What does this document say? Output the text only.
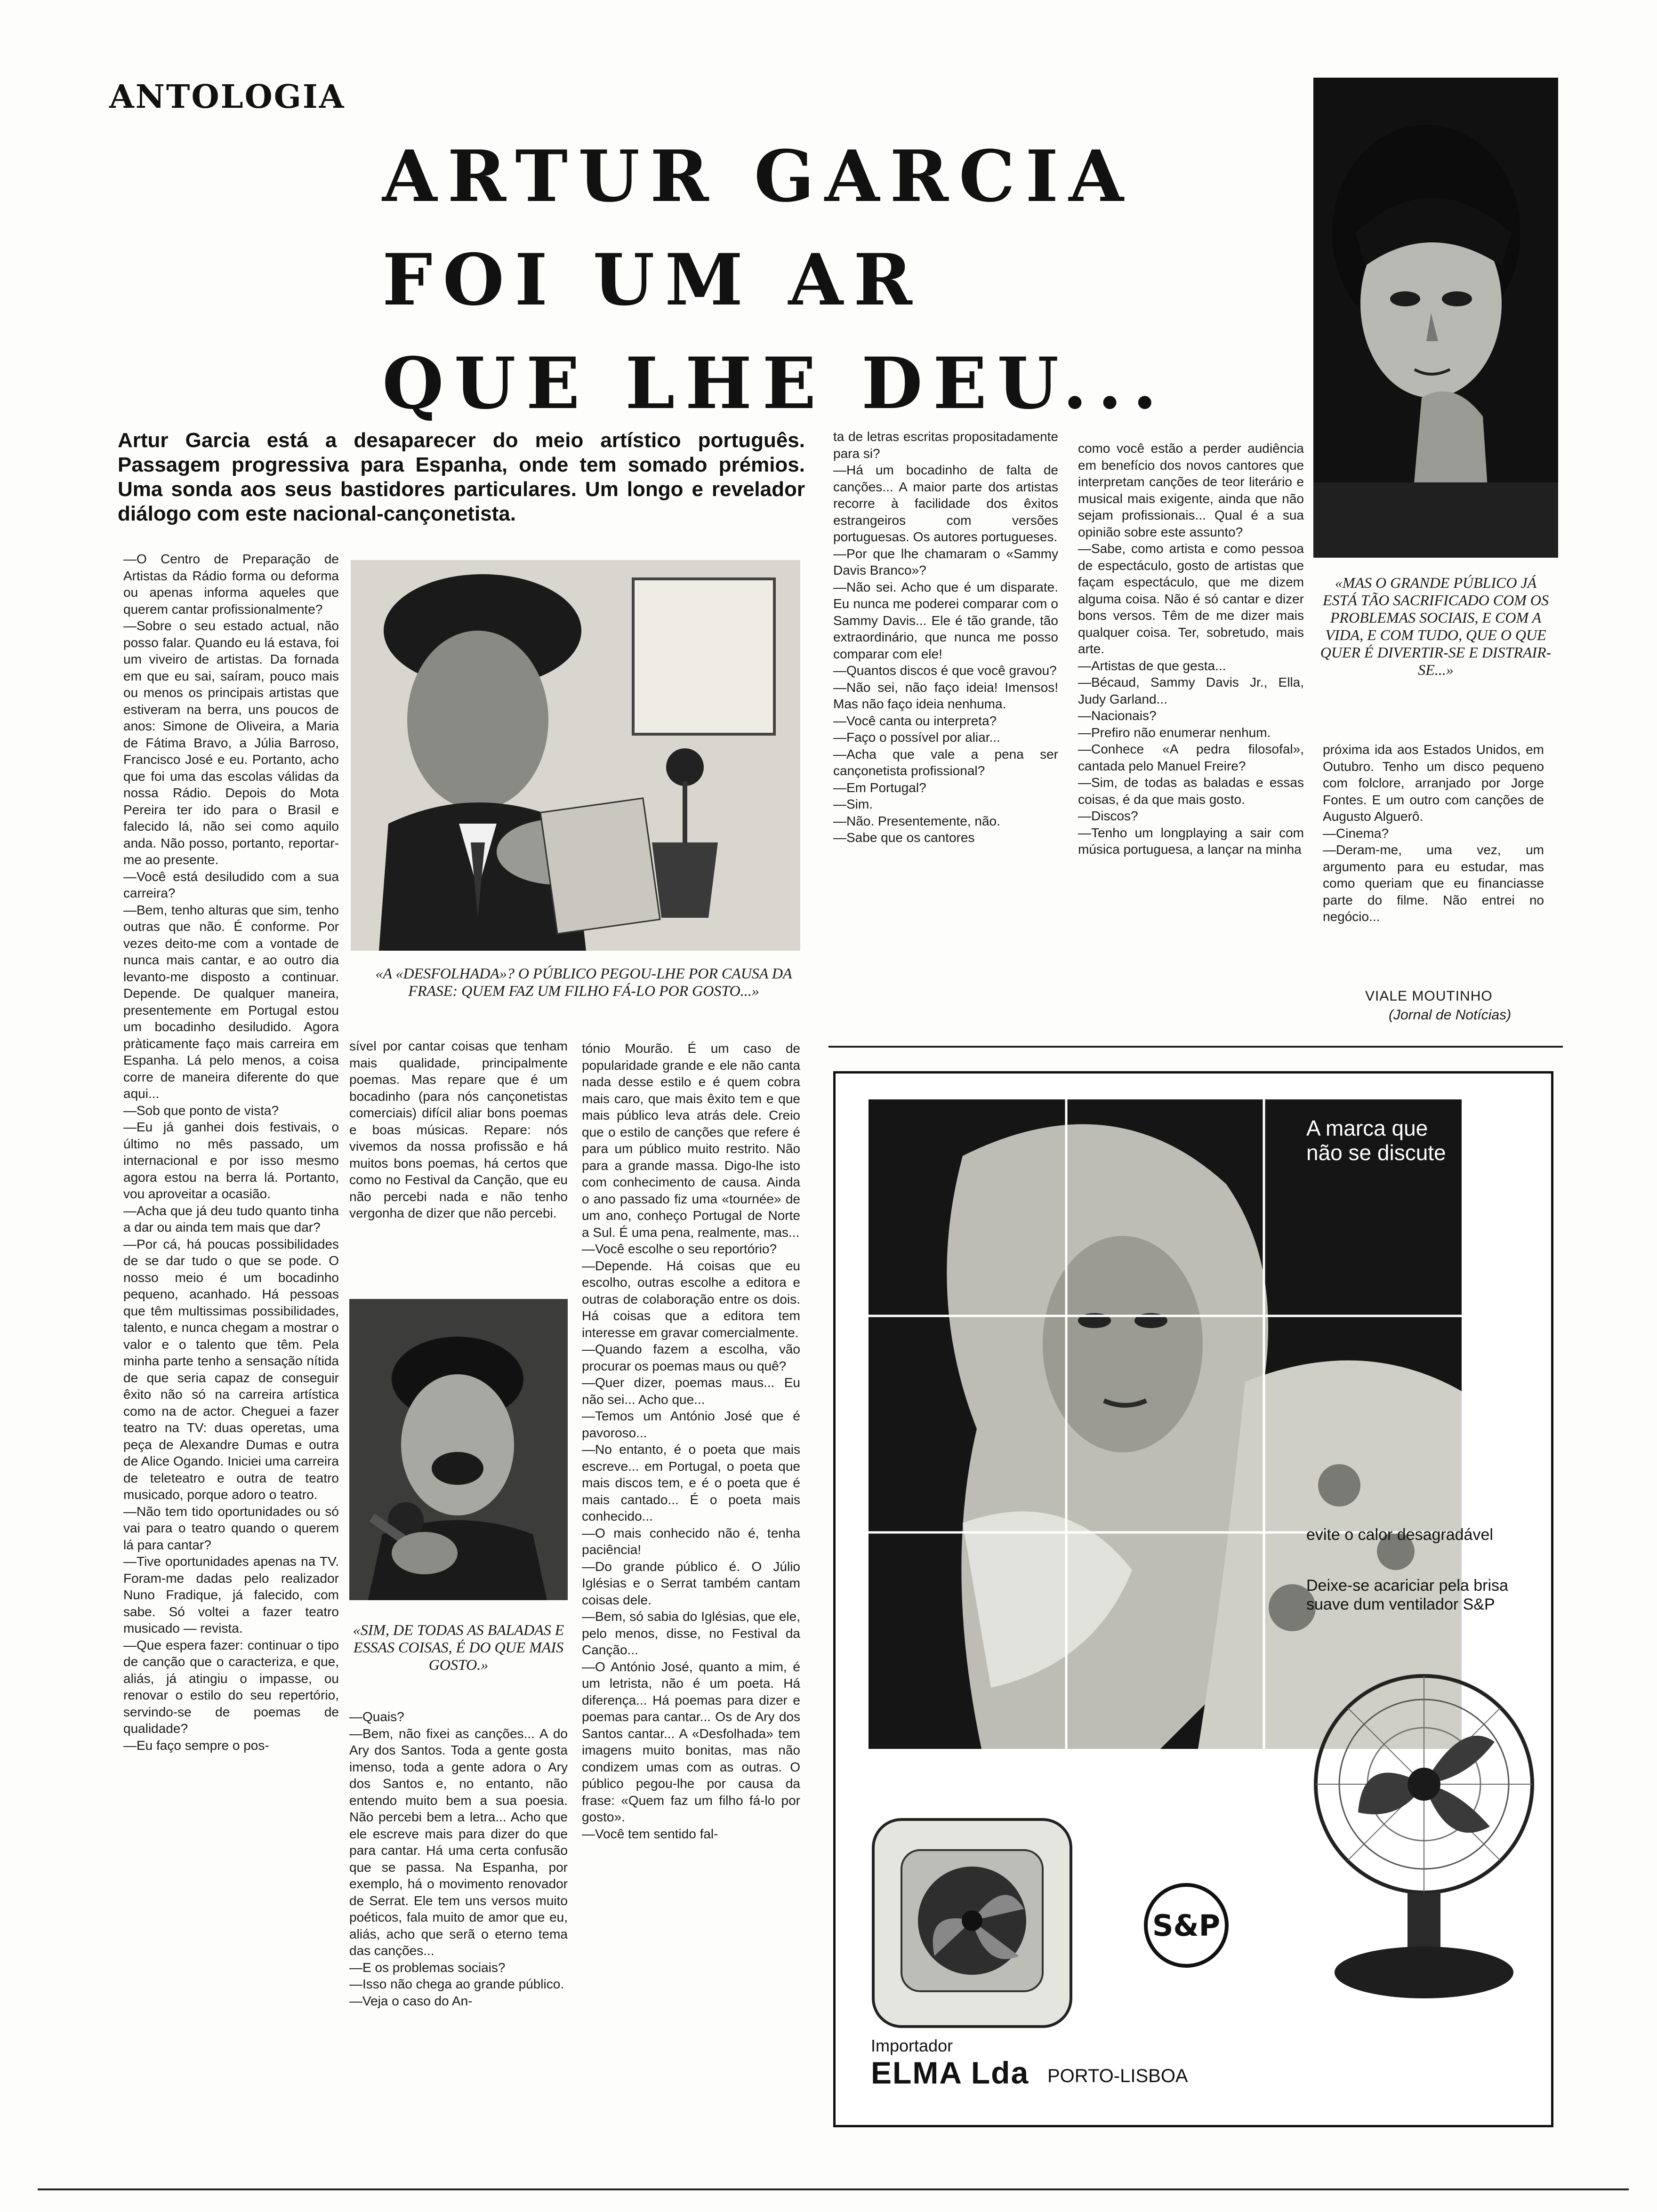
ANTOLOGIA
ARTUR GARCIA
FOI UM AR
QUE LHE DEU...
Artur Garcia está a desaparecer do meio artístico português. Passagem progressiva para Espanha, onde tem somado prémios. Uma sonda aos seus bastidores particulares. Um longo e revelador diálogo com este nacional-cançonetista.
—O Centro de Preparação de Artistas da Rádio forma ou deforma ou apenas informa aqueles que querem cantar profissionalmente?
—Sobre o seu estado actual, não posso falar. Quando eu lá estava, foi um viveiro de artistas. Da fornada em que eu sai, saíram, pouco mais ou menos os principais artistas que estiveram na berra, uns poucos de anos: Simone de Oliveira, a Maria de Fátima Bravo, a Júlia Barroso, Francisco José e eu. Portanto, acho que foi uma das escolas válidas da nossa Rádio. Depois do Mota Pereira ter ido para o Brasil e falecido lá, não sei como aquilo anda. Não posso, portanto, reportar-me ao presente.
—Você está desiludido com a sua carreira?
—Bem, tenho alturas que sim, tenho outras que não. É conforme. Por vezes deito-me com a vontade de nunca mais cantar, e ao outro dia levanto-me disposto a continuar. Depende. De qualquer maneira, presentemente em Portugal estou um bocadinho desiludido. Agora pràticamente faço mais carreira em Espanha. Lá pelo menos, a coisa corre de maneira diferente do que aqui...
—Sob que ponto de vista?
—Eu já ganhei dois festivais, o último no mês passado, um internacional e por isso mesmo agora estou na berra lá. Portanto, vou aproveitar a ocasião.
—Acha que já deu tudo quanto tinha a dar ou ainda tem mais que dar?
—Por cá, há poucas possibilidades de se dar tudo o que se pode. O nosso meio é um bocadinho pequeno, acanhado. Há pessoas que têm multissimas possibilidades, talento, e nunca chegam a mostrar o valor e o talento que têm. Pela minha parte tenho a sensação nítida de que seria capaz de conseguir êxito não só na carreira artística como na de actor. Cheguei a fazer teatro na TV: duas operetas, uma peça de Alexandre Dumas e outra de Alice Ogando. Iniciei uma carreira de teleteatro e outra de teatro musicado, porque adoro o teatro.
—Não tem tido oportunidades ou só vai para o teatro quando o querem lá para cantar?
—Tive oportunidades apenas na TV. Foram-me dadas pelo realizador Nuno Fradique, já falecido, com sabe. Só voltei a fazer teatro musicado — revista.
—Que espera fazer: continuar o tipo de canção que o caracteriza, e que, aliás, já atingiu o impasse, ou renovar o estilo do seu repertório, servindo-se de poemas de qualidade?
—Eu faço sempre o pos-
«A «DESFOLHADA»? O PÚBLICO PEGOU-LHE POR CAUSA DA FRASE: QUEM FAZ UM FILHO FÁ-LO POR GOSTO...»
sível por cantar coisas que tenham mais qualidade, principalmente poemas. Mas repare que é um bocadinho (para nós cançonetistas comerciais) difícil aliar bons poemas e boas músicas. Repare: nós vivemos da nossa profissão e há muitos bons poemas, há certos que como no Festival da Canção, que eu não percebi nada e não tenho vergonha de dizer que não percebi.
«SIM, DE TODAS AS BALADAS E ESSAS COISAS, É DO QUE MAIS GOSTO.»
—Quais?
—Bem, não fixei as canções... A do Ary dos Santos. Toda a gente gosta imenso, toda a gente adora o Ary dos Santos e, no entanto, não entendo muito bem a sua poesia. Não percebi bem a letra... Acho que ele escreve mais para dizer do que para cantar. Há uma certa confusão que se passa. Na Espanha, por exemplo, há o movimento renovador de Serrat. Ele tem uns versos muito poéticos, fala muito de amor que eu, aliás, acho que serã o eterno tema das canções...
—E os problemas sociais?
—Isso não chega ao grande público.
—Veja o caso do An-
tónio Mourão. É um caso de popularidade grande e ele não canta nada desse estilo e é quem cobra mais caro, que mais êxito tem e que mais público leva atrás dele. Creio que o estilo de canções que refere é para um público muito restrito. Não para a grande massa. Digo-lhe isto com conhecimento de causa. Ainda o ano passado fiz uma «tournée» de um ano, conheço Portugal de Norte a Sul. É uma pena, realmente, mas...
—Você escolhe o seu reportório?
—Depende. Há coisas que eu escolho, outras escolhe a editora e outras de colaboração entre os dois. Há coisas que a editora tem interesse em gravar comercialmente.
—Quando fazem a escolha, vão procurar os poemas maus ou quê?
—Quer dizer, poemas maus... Eu não sei... Acho que...
—Temos um António José que é pavoroso...
—No entanto, é o poeta que mais escreve... em Portugal, o poeta que mais discos tem, e é o poeta que é mais cantado... É o poeta mais conhecido...
—O mais conhecido não é, tenha paciência!
—Do grande público é. O Júlio Iglésias e o Serrat também cantam coisas dele.
—Bem, só sabia do Iglésias, que ele, pelo menos, disse, no Festival da Canção...
—O António José, quanto a mim, é um letrista, não é um poeta. Há diferença... Há poemas para dizer e poemas para cantar... Os de Ary dos Santos cantar... A «Desfolhada» tem imagens muito bonitas, mas não condizem umas com as outras. O público pegou-lhe por causa da frase: «Quem faz um filho fá-lo por gosto».
—Você tem sentido fal-
ta de letras escritas propositadamente para si?
—Há um bocadinho de falta de canções... A maior parte dos artistas recorre à facilidade dos êxitos estrangeiros com versões portuguesas. Os autores portugueses.
—Por que lhe chamaram o «Sammy Davis Branco»?
—Não sei. Acho que é um disparate. Eu nunca me poderei comparar com o Sammy Davis... Ele é tão grande, tão extraordinário, que nunca me posso comparar com ele!
—Quantos discos é que você gravou?
—Não sei, não faço ideia! Imensos! Mas não faço ideia nenhuma.
—Você canta ou interpreta?
—Faço o possível por aliar...
—Acha que vale a pena ser cançonetista profissional?
—Em Portugal?
—Sim.
—Não. Presentemente, não.
—Sabe que os cantores
como você estão a perder audiência em benefício dos novos cantores que interpretam canções de teor literário e musical mais exigente, ainda que não sejam profissionais... Qual é a sua opinião sobre este assunto?
—Sabe, como artista e como pessoa de espectáculo, gosto de artistas que façam espectáculo, que me dizem alguma coisa. Não é só cantar e dizer bons versos. Têm de me dizer mais qualquer coisa. Ter, sobretudo, mais arte.
—Artistas de que gesta...
—Bécaud, Sammy Davis Jr., Ella, Judy Garland...
—Nacionais?
—Prefiro não enumerar nenhum.
—Conhece «A pedra filosofal», cantada pelo Manuel Freire?
—Sim, de todas as baladas e essas coisas, é da que mais gosto.
—Discos?
—Tenho um longplaying a sair com música portuguesa, a lançar na minha
«MAS O GRANDE PÚBLICO JÁ ESTÁ TÃO SACRIFICADO COM OS PROBLEMAS SOCIAIS, E COM A VIDA, E COM TUDO, QUE O QUE QUER É DIVERTIR-SE E DISTRAIR-SE...»
próxima ida aos Estados Unidos, em Outubro. Tenho um disco pequeno com folclore, arranjado por Jorge Fontes. E um outro com canções de Augusto Alguerô.
—Cinema?
—Deram-me, uma vez, um argumento para eu estudar, mas como queriam que eu financiasse parte do filme. Não entrei no negócio...
VIALE MOUTINHO
(Jornal de Notícias)
A marca que não se discute
evite o calor desagradável
Deixe-se acariciar pela brisa suave dum ventilador S&P
S&P
Importador
ELMA Lda PORTO-LISBOA
